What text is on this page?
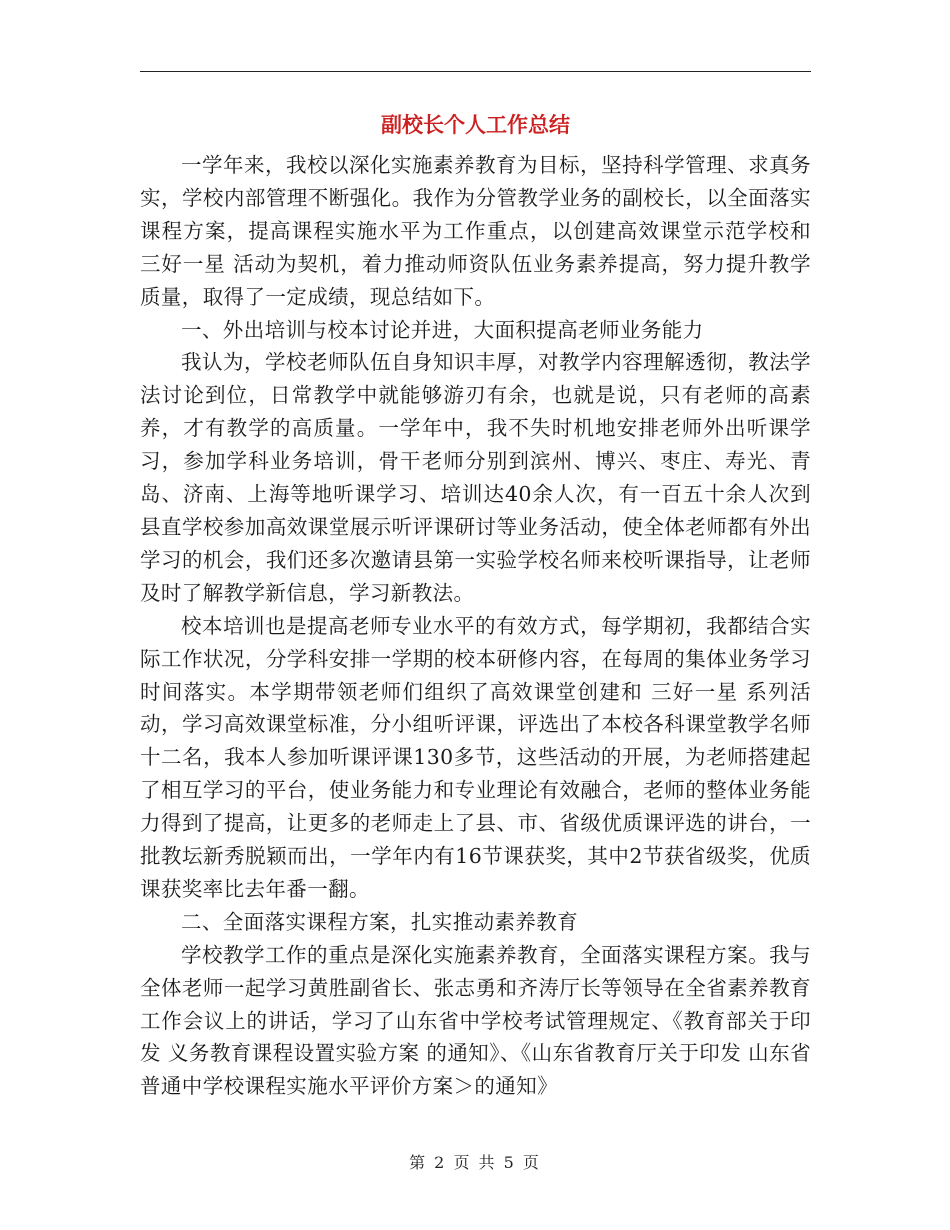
副校长个人工作总结

一学年来，我校以深化实施素养教育为目标，坚持科学管理、求真务实，学校内部管理不断强化。我作为分管教学业务的副校长，以全面落实课程方案，提高课程实施水平为工作重点，以创建高效课堂示范学校和 三好一星 活动为契机，着力推动师资队伍业务素养提高，努力提升教学质量，取得了一定成绩，现总结如下。

一、外出培训与校本讨论并进，大面积提高老师业务能力

我认为，学校老师队伍自身知识丰厚，对教学内容理解透彻，教法学法讨论到位，日常教学中就能够游刃有余，也就是说，只有老师的高素养，才有教学的高质量。一学年中，我不失时机地安排老师外出听课学习，参加学科业务培训，骨干老师分别到滨州、博兴、枣庄、寿光、青岛、济南、上海等地听课学习、培训达40余人次，有一百五十余人次到县直学校参加高效课堂展示听评课研讨等业务活动，使全体老师都有外出学习的机会，我们还多次邀请县第一实验学校名师来校听课指导，让老师及时了解教学新信息，学习新教法。

校本培训也是提高老师专业水平的有效方式，每学期初，我都结合实际工作状况，分学科安排一学期的校本研修内容，在每周的集体业务学习时间落实。本学期带领老师们组织了高效课堂创建和 三好一星 系列活动，学习高效课堂标准，分小组听评课，评选出了本校各科课堂教学名师十二名，我本人参加听课评课130多节，这些活动的开展，为老师搭建起了相互学习的平台，使业务能力和专业理论有效融合，老师的整体业务能力得到了提高，让更多的老师走上了县、市、省级优质课评选的讲台，一批教坛新秀脱颖而出，一学年内有16节课获奖，其中2节获省级奖，优质课获奖率比去年番一翻。

二、全面落实课程方案，扎实推动素养教育

学校教学工作的重点是深化实施素养教育，全面落实课程方案。我与全体老师一起学习黄胜副省长、张志勇和齐涛厅长等领导在全省素养教育工作会议上的讲话，学习了山东省中学校考试管理规定、《教育部关于印发 义务教育课程设置实验方案 的通知》、《山东省教育厅关于印发 山东省普通中学校课程实施水平评价方案＞的通知》

第 2 页 共 5 页
